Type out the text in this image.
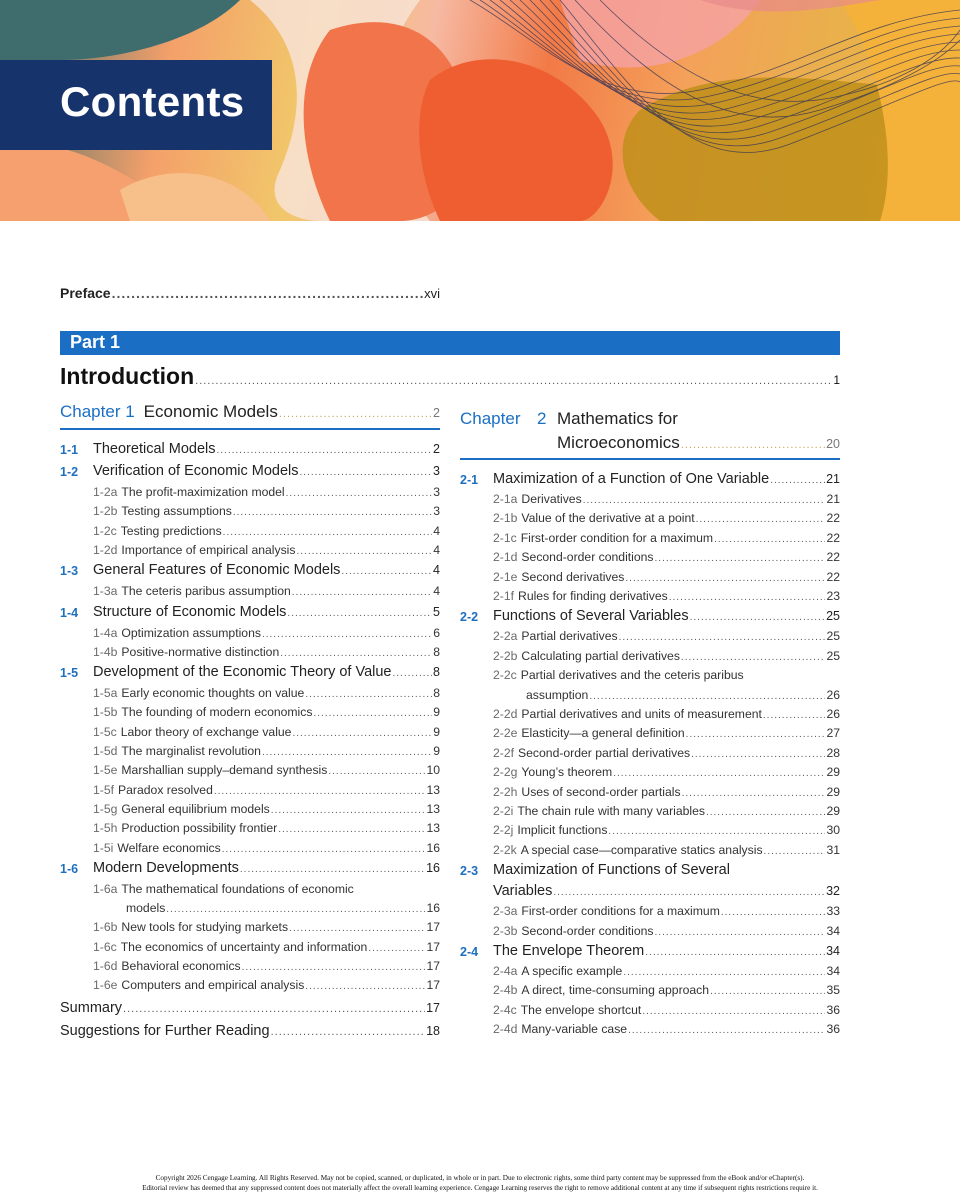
Contents
Preface .....	xvi
Part 1
Introduction .....	1
Chapter 1 Economic Models .....	2
1-1 Theoretical Models .....	2
1-2 Verification of Economic Models .....	3
1-2a The profit-maximization model .....	3
1-2b Testing assumptions .....	3
1-2c Testing predictions .....	4
1-2d Importance of empirical analysis .....	4
1-3 General Features of Economic Models .....	4
1-3a The ceteris paribus assumption .....	4
1-4 Structure of Economic Models .....	5
1-4a Optimization assumptions .....	6
1-4b Positive-normative distinction .....	8
1-5 Development of the Economic Theory of Value .....	8
1-5a Early economic thoughts on value .....	8
1-5b The founding of modern economics .....	9
1-5c Labor theory of exchange value .....	9
1-5d The marginalist revolution .....	9
1-5e Marshallian supply–demand synthesis .....	10
1-5f Paradox resolved .....	13
1-5g General equilibrium models .....	13
1-5h Production possibility frontier .....	13
1-5i Welfare economics .....	16
1-6 Modern Developments .....	16
1-6a The mathematical foundations of economic
models .....	16
1-6b New tools for studying markets .....	17
1-6c The economics of uncertainty and information .....	17
1-6d Behavioral economics .....	17
1-6e Computers and empirical analysis .....	17
Summary .....	17
Suggestions for Further Reading .....	18
Chapter 2 Mathematics for
Microeconomics .....	20
2-1 Maximization of a Function of One Variable .....	21
2-1a Derivatives .....	21
2-1b Value of the derivative at a point .....	22
2-1c First-order condition for a maximum .....	22
2-1d Second-order conditions .....	22
2-1e Second derivatives .....	22
2-1f Rules for finding derivatives .....	23
2-2 Functions of Several Variables .....	25
2-2a Partial derivatives .....	25
2-2b Calculating partial derivatives .....	25
2-2c Partial derivatives and the ceteris paribus
assumption .....	26
2-2d Partial derivatives and units of measurement .....	26
2-2e Elasticity—a general definition .....	27
2-2f Second-order partial derivatives .....	28
2-2g Young’s theorem .....	29
2-2h Uses of second-order partials .....	29
2-2i The chain rule with many variables .....	29
2-2j Implicit functions .....	30
2-2k A special case—comparative statics analysis .....	31
2-3 Maximization of Functions of Several
Variables .....	32
2-3a First-order conditions for a maximum .....	33
2-3b Second-order conditions .....	34
2-4 The Envelope Theorem .....	34
2-4a A specific example .....	34
2-4b A direct, time-consuming approach .....	35
2-4c The envelope shortcut .....	36
2-4d Many-variable case .....	36
Copyright 2026 Cengage Learning. All Rights Reserved. May not be copied, scanned, or duplicated, in whole or in part. Due to electronic rights, some third party content may be suppressed from the eBook and/or eChapter(s).
Editorial review has deemed that any suppressed content does not materially affect the overall learning experience. Cengage Learning reserves the right to remove additional content at any time if subsequent rights restrictions require it.
